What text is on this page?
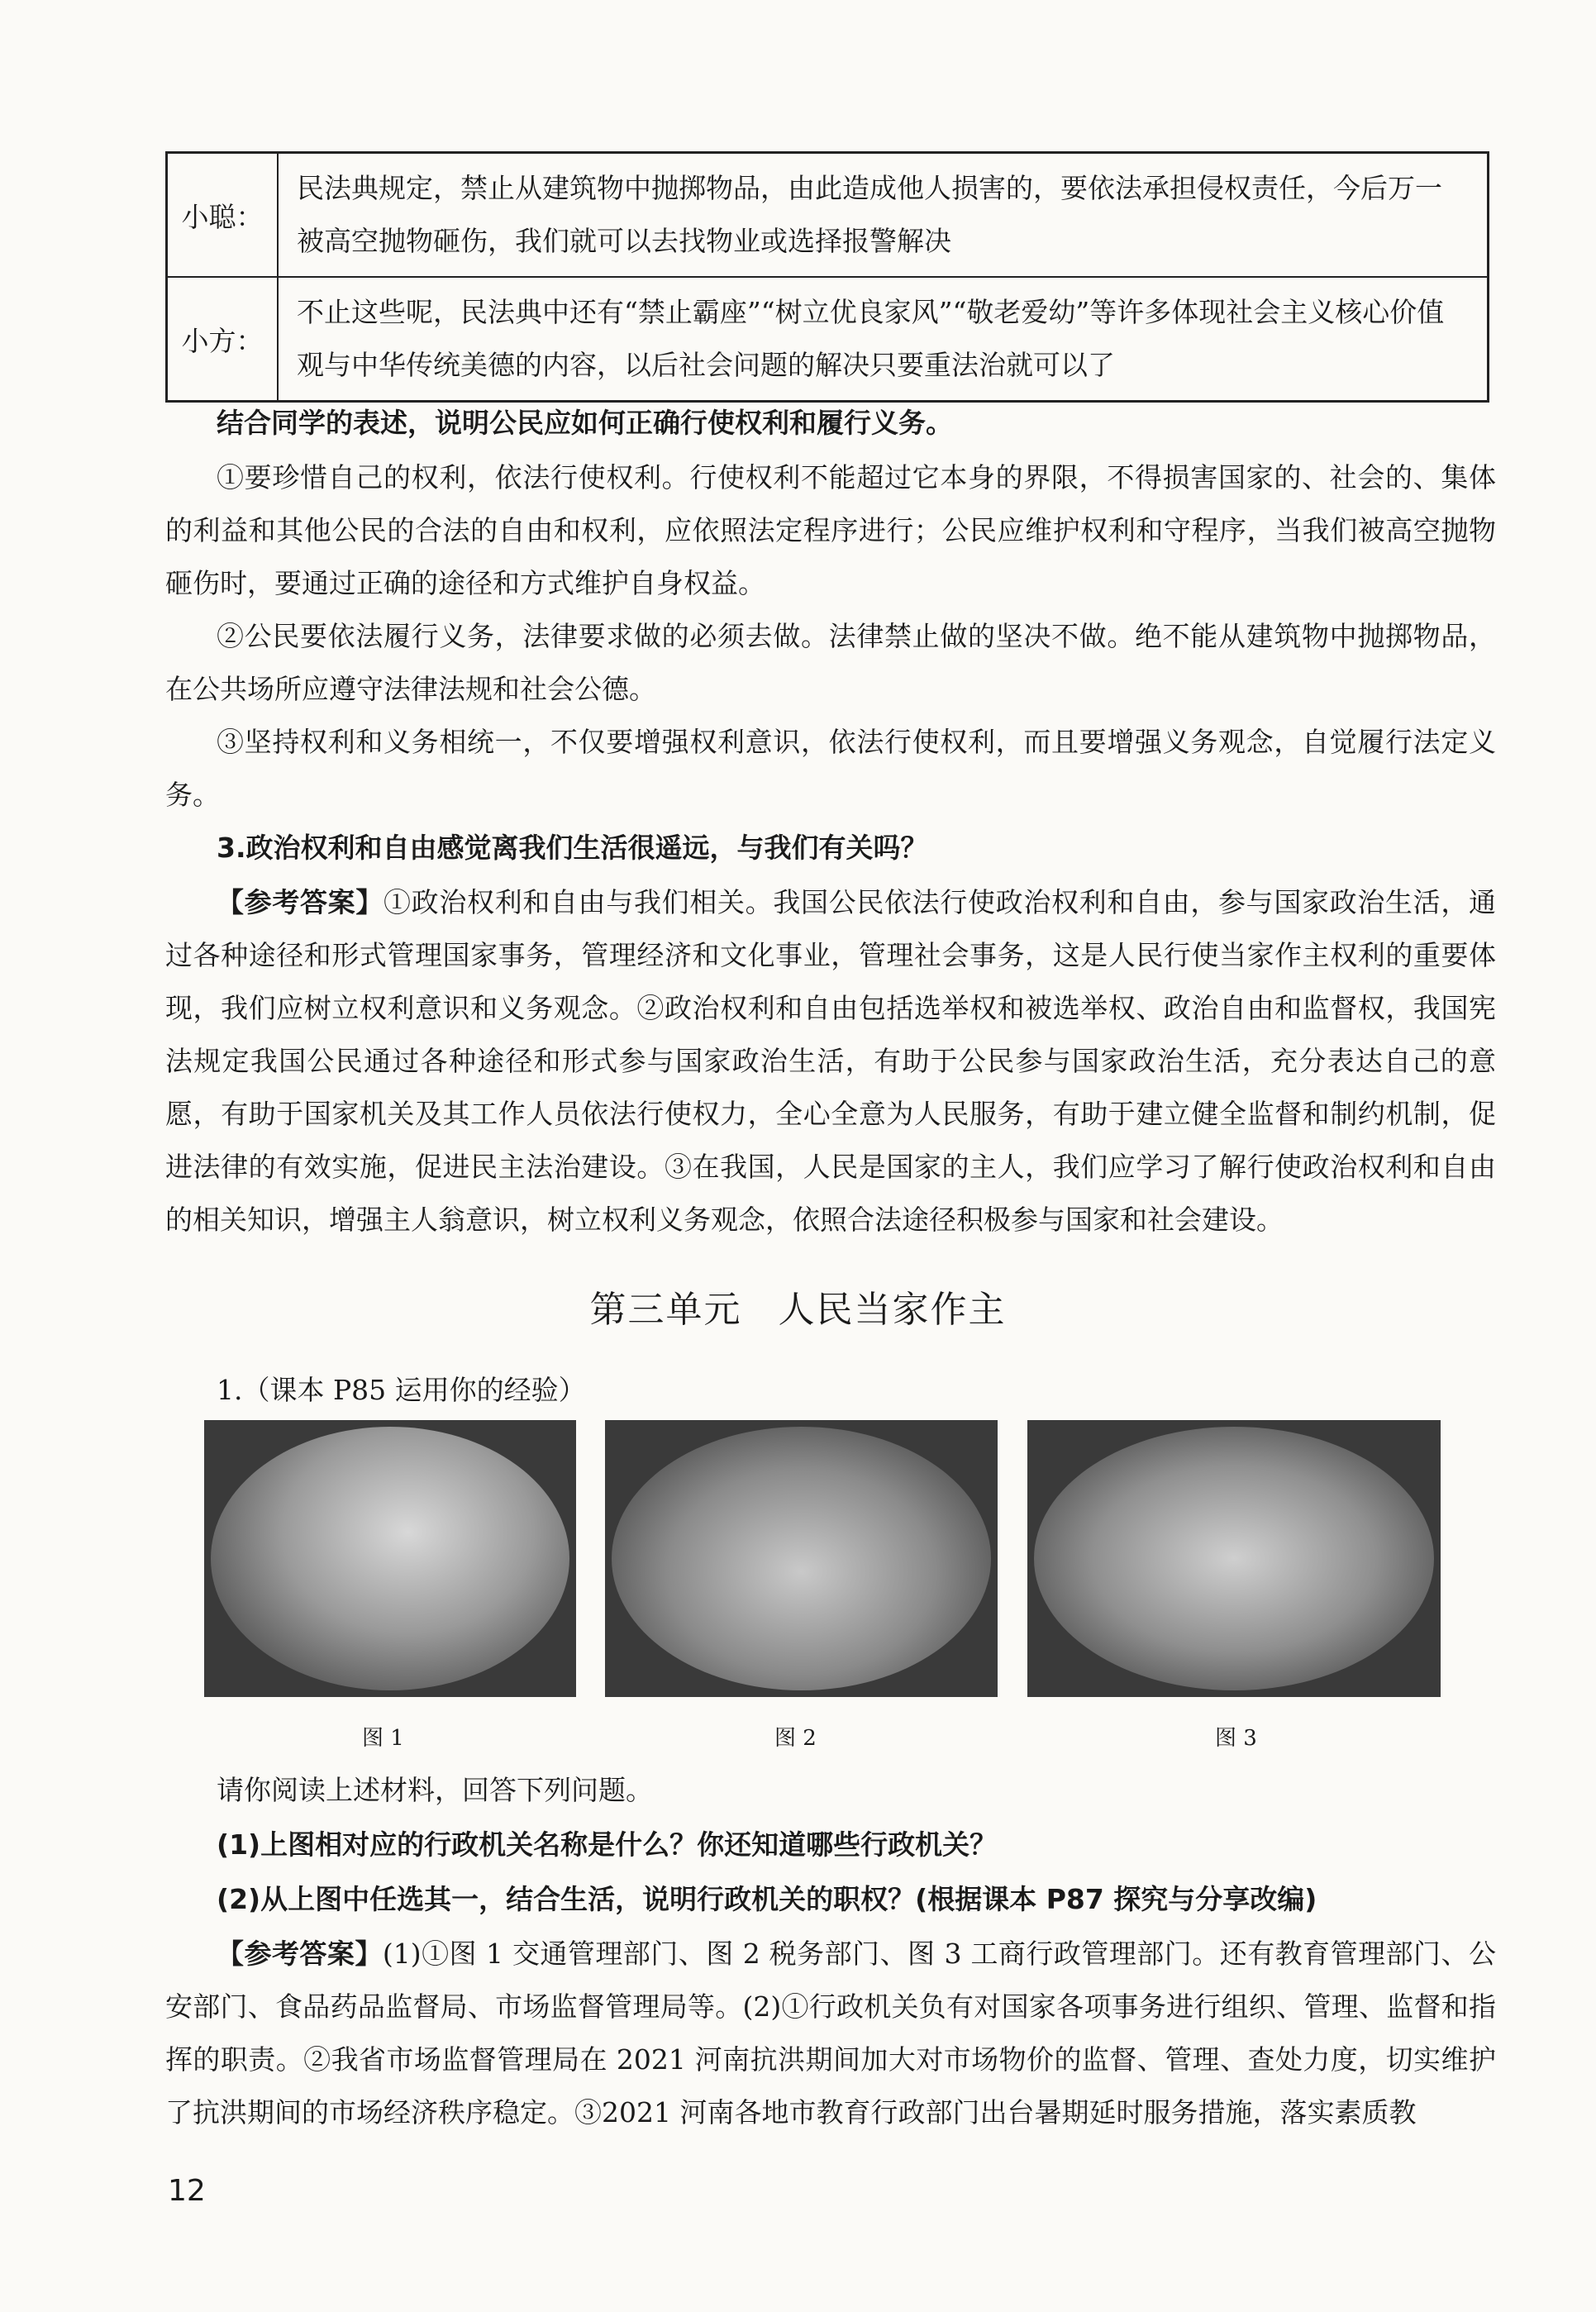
小聪：	民法典规定，禁止从建筑物中抛掷物品，由此造成他人损害的，要依法承担侵权责任，今后万一被高空抛物砸伤，我们就可以去找物业或选择报警解决
小方：	不止这些呢，民法典中还有“禁止霸座”“树立优良家风”“敬老爱幼”等许多体现社会主义核心价值观与中华传统美德的内容，以后社会问题的解决只要重法治就可以了
结合同学的表述，说明公民应如何正确行使权利和履行义务。
①要珍惜自己的权利，依法行使权利。行使权利不能超过它本身的界限，不得损害国家的、社会的、集体的利益和其他公民的合法的自由和权利，应依照法定程序进行；公民应维护权利和守程序，当我们被高空抛物砸伤时，要通过正确的途径和方式维护自身权益。
②公民要依法履行义务，法律要求做的必须去做。法律禁止做的坚决不做。绝不能从建筑物中抛掷物品，在公共场所应遵守法律法规和社会公德。
③坚持权利和义务相统一，不仅要增强权利意识，依法行使权利，而且要增强义务观念，自觉履行法定义务。
3.政治权利和自由感觉离我们生活很遥远，与我们有关吗？
【参考答案】①政治权利和自由与我们相关。我国公民依法行使政治权利和自由，参与国家政治生活，通过各种途径和形式管理国家事务，管理经济和文化事业，管理社会事务，这是人民行使当家作主权利的重要体现，我们应树立权利意识和义务观念。②政治权利和自由包括选举权和被选举权、政治自由和监督权，我国宪法规定我国公民通过各种途径和形式参与国家政治生活，有助于公民参与国家政治生活，充分表达自己的意愿，有助于国家机关及其工作人员依法行使权力，全心全意为人民服务，有助于建立健全监督和制约机制，促进法律的有效实施，促进民主法治建设。③在我国，人民是国家的主人，我们应学习了解行使政治权利和自由的相关知识，增强主人翁意识，树立权利义务观念，依照合法途径积极参与国家和社会建设。
第三单元 人民当家作主
1.（课本 P85 运用你的经验）
图 1	图 2	图 3
请你阅读上述材料，回答下列问题。
(1)上图相对应的行政机关名称是什么？你还知道哪些行政机关？
(2)从上图中任选其一，结合生活，说明行政机关的职权？(根据课本 P87 探究与分享改编)
【参考答案】(1)①图 1 交通管理部门、图 2 税务部门、图 3 工商行政管理部门。还有教育管理部门、公安部门、食品药品监督局、市场监督管理局等。(2)①行政机关负有对国家各项事务进行组织、管理、监督和指挥的职责。②我省市场监督管理局在 2021 河南抗洪期间加大对市场物价的监督、管理、查处力度，切实维护了抗洪期间的市场经济秩序稳定。③2021 河南各地市教育行政部门出台暑期延时服务措施，落实素质教
12
